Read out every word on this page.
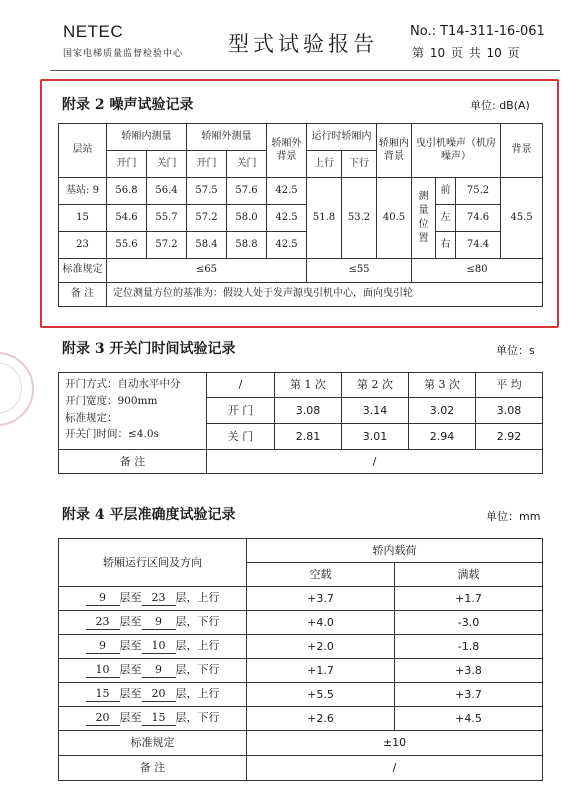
NETEC
国家电梯质量监督检验中心 型式试验报告
No.: T14-311-16-061
第 10 页 共 10 页
附录 2 噪声试验记录	单位: dB(A)
层站	轿厢内测量		轿厢外测量		轿厢外背景	运行时轿厢内		轿厢内背景	曳引机噪声（机房噪声）			背景
	开门	关门	开门	关门		上行	下行					
基站: 9	56.8	56.4	57.5	57.6	42.5	51.8	53.2	40.5	测量位置	前	75.2	45.5
15	54.6	55.7	57.2	58.0	42.5					左	74.6	
23	55.6	57.2	58.4	58.8	42.5					右	74.4	
标准规定	≤65					≤55			≤80			
备 注	定位测量方位的基准为：假设人处于发声源曳引机中心，面向曳引轮											
附录 3 开关门时间试验记录	单位：s
开门方式：自动水平中分
开门宽度：900mm
标准规定：
开关门时间：≤4.0s	/	第 1 次	第 2 次	第 3 次	平 均
	开 门	3.08	3.14	3.02	3.08
	关 门	2.81	3.01	2.94	2.92
备 注	/				
附录 4 平层准确度试验记录	单位：mm
轿厢运行区间及方向	轿内载荷	
	空载	满载
9 层至 23 层，上行	+3.7	+1.7
23 层至 9 层，下行	+4.0	-3.0
9 层至 10 层，上行	+2.0	-1.8
10 层至 9 层，下行	+1.7	+3.8
15 层至 20 层，上行	+5.5	+3.7
20 层至 15 层，下行	+2.6	+4.5
标准规定	±10	
备 注	/	
